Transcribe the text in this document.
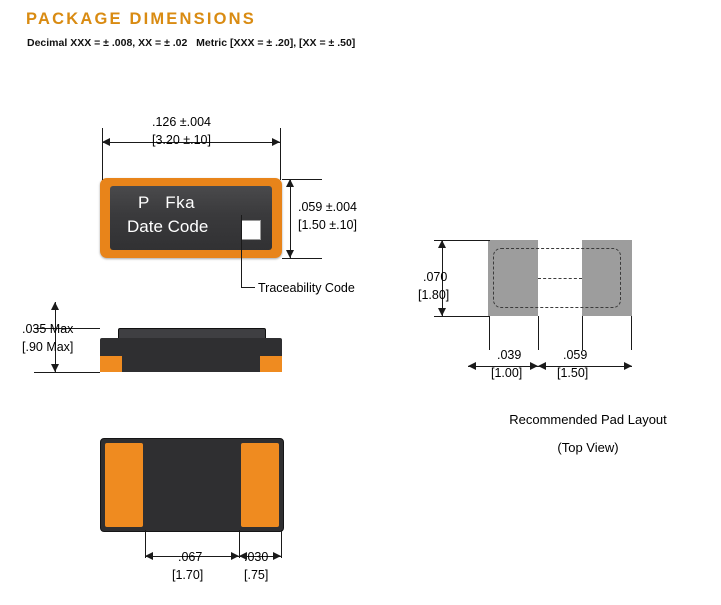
PACKAGE DIMENSIONS
Decimal XXX = ± .008, XX = ± .02   Metric [XXX = ± .20], [XX = ± .50]
P   Fka
Date Code
.126 ±.004
[3.20 ±.10]
.059 ±.004
[1.50 ±.10]
Traceability Code
.035 Max
[.90 Max]
.067
[1.70]
.030
[.75]
.070
[1.80]
.039
[1.00]
.059
[1.50]
Recommended Pad Layout
(Top View)
